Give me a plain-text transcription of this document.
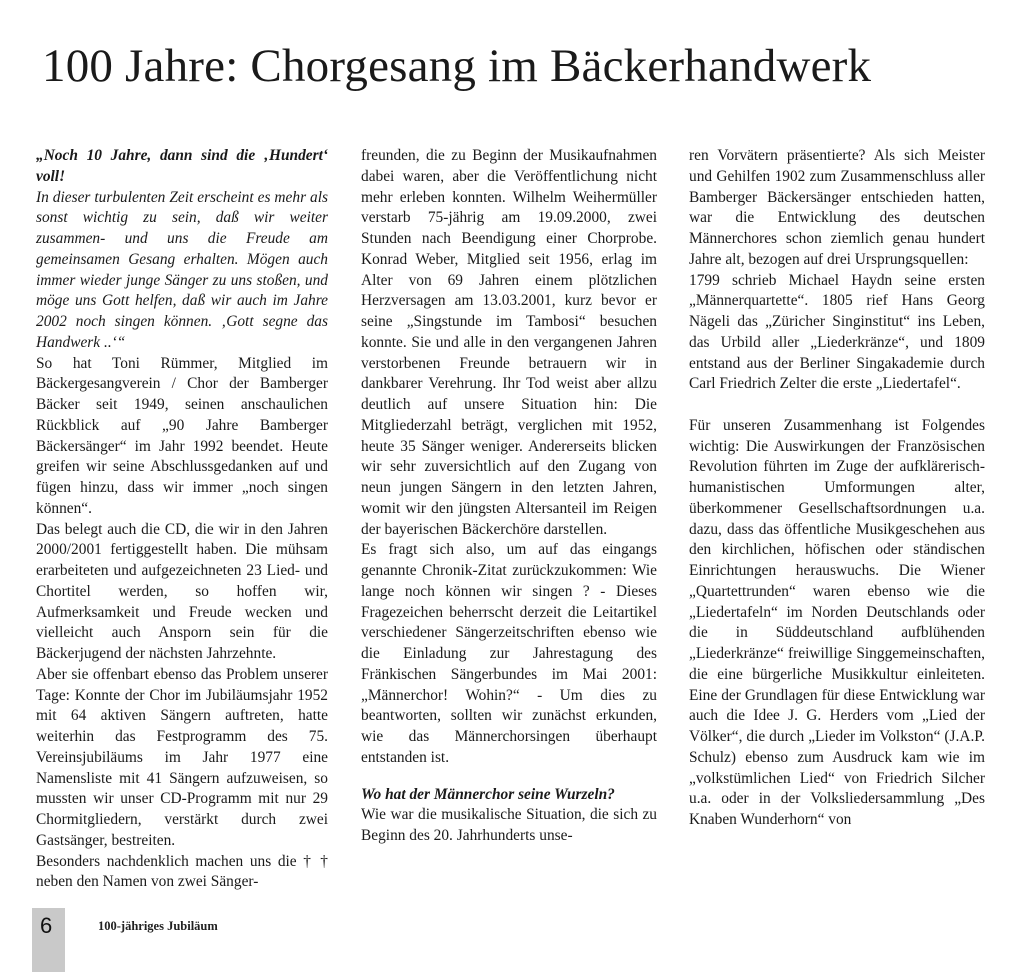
100 Jahre: Chorgesang im Bäckerhandwerk

„Noch 10 Jahre, dann sind die ‚Hundert‘ voll!

In dieser turbulenten Zeit erscheint es mehr als sonst wichtig zu sein, daß wir weiter zusammen- und uns die Freude am gemeinsamen Gesang erhalten. Mögen auch immer wieder junge Sänger zu uns stoßen, und möge uns Gott helfen, daß wir auch im Jahre 2002 noch singen können. ‚Gott segne das Handwerk ..‘“

So hat Toni Rümmer, Mitglied im Bäckergesangverein / Chor der Bamberger Bäcker seit 1949, seinen anschaulichen Rückblick auf „90 Jahre Bamberger Bäckersänger“ im Jahr 1992 beendet. Heute greifen wir seine Abschlussgedanken auf und fügen hinzu, dass wir immer „noch singen können“.

Das belegt auch die CD, die wir in den Jahren 2000/2001 fertiggestellt haben. Die mühsam erarbeiteten und aufgezeichneten 23 Lied- und Chortitel werden, so hoffen wir, Aufmerksamkeit und Freude wecken und vielleicht auch Ansporn sein für die Bäckerjugend der nächsten Jahrzehnte.

Aber sie offenbart ebenso das Problem unserer Tage: Konnte der Chor im Jubiläumsjahr 1952 mit 64 aktiven Sängern auftreten, hatte weiterhin das Festprogramm des 75. Vereinsjubiläums im Jahr 1977 eine Namensliste mit 41 Sängern aufzuweisen, so mussten wir unser CD-Programm mit nur 29 Chormitgliedern, verstärkt durch zwei Gastsänger, bestreiten.

Besonders nachdenklich machen uns die † † neben den Namen von zwei Sänger-

freunden, die zu Beginn der Musikaufnahmen dabei waren, aber die Veröffentlichung nicht mehr erleben konnten. Wilhelm Weihermüller verstarb 75-jährig am 19.09.2000, zwei Stunden nach Beendigung einer Chorprobe. Konrad Weber, Mitglied seit 1956, erlag im Alter von 69 Jahren einem plötzlichen Herzversagen am 13.03.2001, kurz bevor er seine „Singstunde im Tambosi“ besuchen konnte. Sie und alle in den vergangenen Jahren verstorbenen Freunde betrauern wir in dankbarer Verehrung. Ihr Tod weist aber allzu deutlich auf unsere Situation hin: Die Mitgliederzahl beträgt, verglichen mit 1952, heute 35 Sänger weniger. Andererseits blicken wir sehr zuversichtlich auf den Zugang von neun jungen Sängern in den letzten Jahren, womit wir den jüngsten Altersanteil im Reigen der bayerischen Bäckerchöre darstellen.

Es fragt sich also, um auf das eingangs genannte Chronik-Zitat zurückzukommen: Wie lange noch können wir singen ? - Dieses Fragezeichen beherrscht derzeit die Leitartikel verschiedener Sängerzeitschriften ebenso wie die Einladung zur Jahrestagung des Fränkischen Sängerbundes im Mai 2001: „Männerchor! Wohin?“ - Um dies zu beantworten, sollten wir zunächst erkunden, wie das Männerchorsingen überhaupt entstanden ist.

Wo hat der Männerchor seine Wurzeln?

Wie war die musikalische Situation, die sich zu Beginn des 20. Jahrhunderts unse-

ren Vorvätern präsentierte? Als sich Meister und Gehilfen 1902 zum Zusammenschluss aller Bamberger Bäckersänger entschieden hatten, war die Entwicklung des deutschen Männerchores schon ziemlich genau hundert Jahre alt, bezogen auf drei Ursprungsquellen:

1799 schrieb Michael Haydn seine ersten „Männerquartette“. 1805 rief Hans Georg Nägeli das „Züricher Singinstitut“ ins Leben, das Urbild aller „Liederkränze“, und 1809 entstand aus der Berliner Singakademie durch Carl Friedrich Zelter die erste „Liedertafel“.

Für unseren Zusammenhang ist Folgendes wichtig: Die Auswirkungen der Französischen Revolution führten im Zuge der aufklärerisch-humanistischen Umformungen alter, überkommener Gesellschaftsordnungen u.a. dazu, dass das öffentliche Musikgeschehen aus den kirchlichen, höfischen oder ständischen Einrichtungen herauswuchs. Die Wiener „Quartettrunden“ waren ebenso wie die „Liedertafeln“ im Norden Deutschlands oder die in Süddeutschland aufblühenden „Liederkränze“ freiwillige Singgemeinschaften, die eine bürgerliche Musikkultur einleiteten. Eine der Grundlagen für diese Entwicklung war auch die Idee J. G. Herders vom „Lied der Völker“, die durch „Lieder im Volkston“ (J.A.P. Schulz) ebenso zum Ausdruck kam wie im „volkstümlichen Lied“ von Friedrich Silcher u.a. oder in der Volksliedersammlung „Des Knaben Wunderhorn“ von

6	100-jähriges Jubiläum
